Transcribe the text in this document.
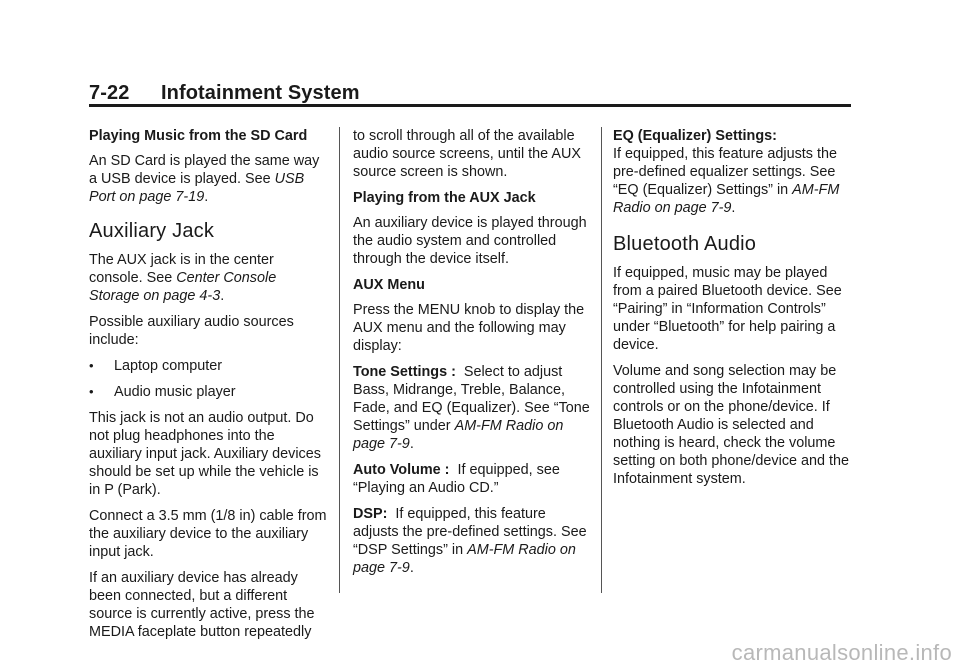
7-22 Infotainment System

Playing Music from the SD Card

An SD Card is played the same way a USB device is played. See USB Port on page 7-19.

Auxiliary Jack

The AUX jack is in the center console. See Center Console Storage on page 4-3.

Possible auxiliary audio sources include:

•	Laptop computer
•	Audio music player

This jack is not an audio output. Do not plug headphones into the auxiliary input jack. Auxiliary devices should be set up while the vehicle is in P (Park).

Connect a 3.5 mm (1/8 in) cable from the auxiliary device to the auxiliary input jack.

If an auxiliary device has already been connected, but a different source is currently active, press the MEDIA faceplate button repeatedly

to scroll through all of the available audio source screens, until the AUX source screen is shown.

Playing from the AUX Jack

An auxiliary device is played through the audio system and controlled through the device itself.

AUX Menu

Press the MENU knob to display the AUX menu and the following may display:

Tone Settings : Select to adjust Bass, Midrange, Treble, Balance, Fade, and EQ (Equalizer). See “Tone Settings” under AM-FM Radio on page 7-9.

Auto Volume : If equipped, see “Playing an Audio CD.”

DSP: If equipped, this feature adjusts the pre-defined settings. See “DSP Settings” in AM-FM Radio on page 7-9.

EQ (Equalizer) Settings:
If equipped, this feature adjusts the pre-defined equalizer settings. See “EQ (Equalizer) Settings” in AM-FM Radio on page 7-9.

Bluetooth Audio

If equipped, music may be played from a paired Bluetooth device. See “Pairing” in “Information Controls” under “Bluetooth” for help pairing a device.

Volume and song selection may be controlled using the Infotainment controls or on the phone/device. If Bluetooth Audio is selected and nothing is heard, check the volume setting on both phone/device and the Infotainment system.

carmanualsonline.info
